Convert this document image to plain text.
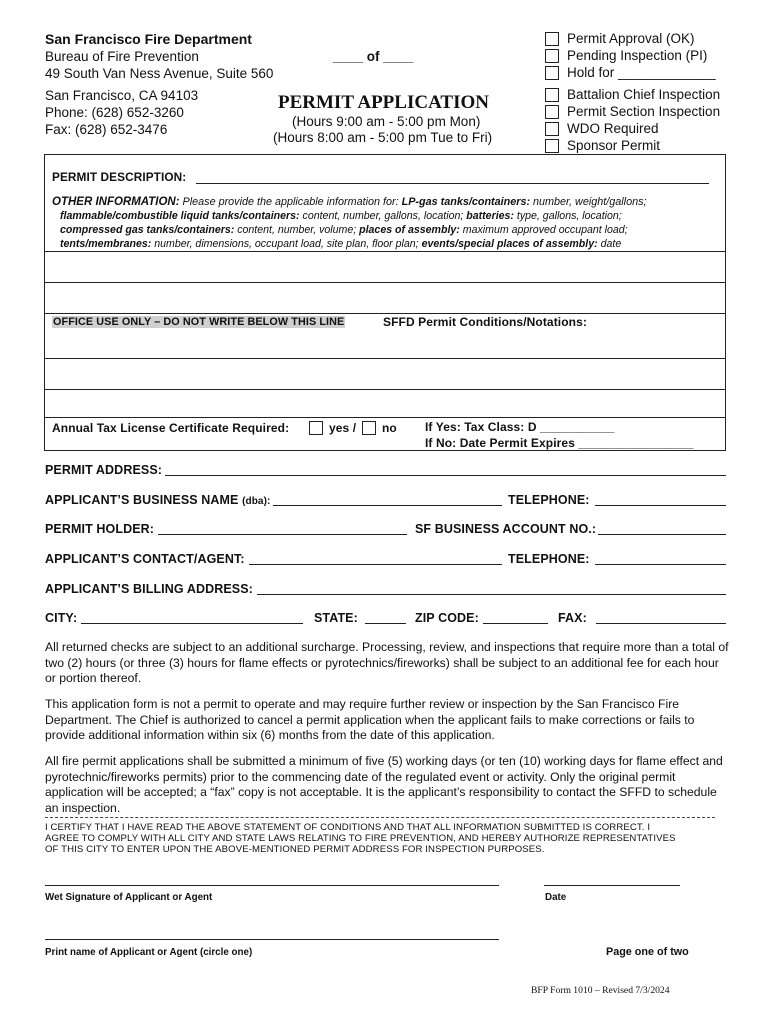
San Francisco Fire Department
Bureau of Fire Prevention
49 South Van Ness Avenue, Suite 560
San Francisco, CA 94103
Phone: (628) 652-3260
Fax: (628) 652-3476
____ of ____
PERMIT APPLICATION
(Hours 9:00 am - 5:00 pm Mon)
(Hours 8:00 am - 5:00 pm Tue to Fri)
Permit Approval (OK)
Pending Inspection (PI)
Hold for _____________
Battalion Chief Inspection
Permit Section Inspection
WDO Required
Sponsor Permit
PERMIT DESCRIPTION:
OTHER INFORMATION: Please provide the applicable information for: LP-gas tanks/containers: number, weight/gallons;
flammable/combustible liquid tanks/containers: content, number, gallons, location; batteries: type, gallons, location;
compressed gas tanks/containers: content, number, volume; places of assembly: maximum approved occupant load;
tents/membranes: number, dimensions, occupant load, site plan, floor plan; events/special places of assembly: date
OFFICE USE ONLY – DO NOT WRITE BELOW THIS LINE	SFFD Permit Conditions/Notations:
Annual Tax License Certificate Required:	yes / no If Yes: Tax Class: D ___________
If No: Date Permit Expires _________________
PERMIT ADDRESS:
APPLICANT’S BUSINESS NAME (dba):	TELEPHONE:
PERMIT HOLDER:	SF BUSINESS ACCOUNT NO.:
APPLICANT’S CONTACT/AGENT:	TELEPHONE:
APPLICANT’S BILLING ADDRESS:
CITY:	STATE:	ZIP CODE:	FAX:
All returned checks are subject to an additional surcharge. Processing, review, and inspections that require more than a total of two (2) hours (or three (3) hours for flame effects or pyrotechnics/fireworks) shall be subject to an additional fee for each hour or portion thereof.
This application form is not a permit to operate and may require further review or inspection by the San Francisco Fire Department. The Chief is authorized to cancel a permit application when the applicant fails to make corrections or fails to provide additional information within six (6) months from the date of this application.
All fire permit applications shall be submitted a minimum of five (5) working days (or ten (10) working days for flame effect and pyrotechnic/fireworks permits) prior to the commencing date of the regulated event or activity. Only the original permit application will be accepted; a “fax” copy is not acceptable. It is the applicant’s responsibility to contact the SFFD to schedule an inspection.
I CERTIFY THAT I HAVE READ THE ABOVE STATEMENT OF CONDITIONS AND THAT ALL INFORMATION SUBMITTED IS CORRECT. I
AGREE TO COMPLY WITH ALL CITY AND STATE LAWS RELATING TO FIRE PREVENTION, AND HEREBY AUTHORIZE REPRESENTATIVES
OF THIS CITY TO ENTER UPON THE ABOVE-MENTIONED PERMIT ADDRESS FOR INSPECTION PURPOSES.
Wet Signature of Applicant or Agent	Date
Print name of Applicant or Agent (circle one)	Page one of two
BFP Form 1010 – Revised 7/3/2024
